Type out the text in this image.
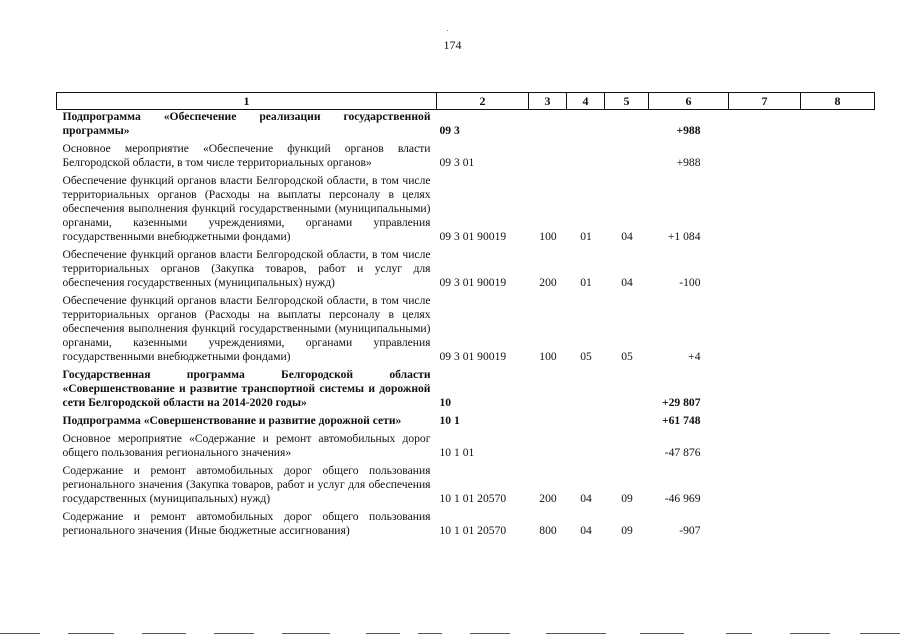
174
1	2	3	4	5	6	7	8
Подпрограмма «Обеспечение реализации государственной программы»	09 3				+988		
Основное мероприятие «Обеспечение функций органов власти Белгородской области, в том числе территориальных органов»	09 3 01				+988		
Обеспечение функций органов власти Белгородской области, в том числе территориальных органов (Расходы на выплаты персоналу в целях обеспечения выполнения функций государственными (муниципальными) органами, казенными учреждениями, органами управления государственными внебюджетными фондами)	09 3 01 90019	100	01	04	+1 084		
Обеспечение функций органов власти Белгородской области, в том числе территориальных органов (Закупка товаров, работ и услуг для обеспечения государственных (муниципальных) нужд)	09 3 01 90019	200	01	04	-100		
Обеспечение функций органов власти Белгородской области, в том числе территориальных органов (Расходы на выплаты персоналу в целях обеспечения выполнения функций государственными (муниципальными) органами, казенными учреждениями, органами управления государственными внебюджетными фондами)	09 3 01 90019	100	05	05	+4		
Государственная программа Белгородской области «Совершенствование и развитие транспортной системы и дорожной сети Белгородской области на 2014-2020 годы»	10				+29 807		
Подпрограмма «Совершенствование и развитие дорожной сети»	10 1				+61 748		
Основное мероприятие «Содержание и ремонт автомобильных дорог общего пользования регионального значения»	10 1 01				-47 876		
Содержание и ремонт автомобильных дорог общего пользования регионального значения (Закупка товаров, работ и услуг для обеспечения государственных (муниципальных) нужд)	10 1 01 20570	200	04	09	-46 969		
Содержание и ремонт автомобильных дорог общего пользования регионального значения (Иные бюджетные ассигнования)	10 1 01 20570	800	04	09	-907		
